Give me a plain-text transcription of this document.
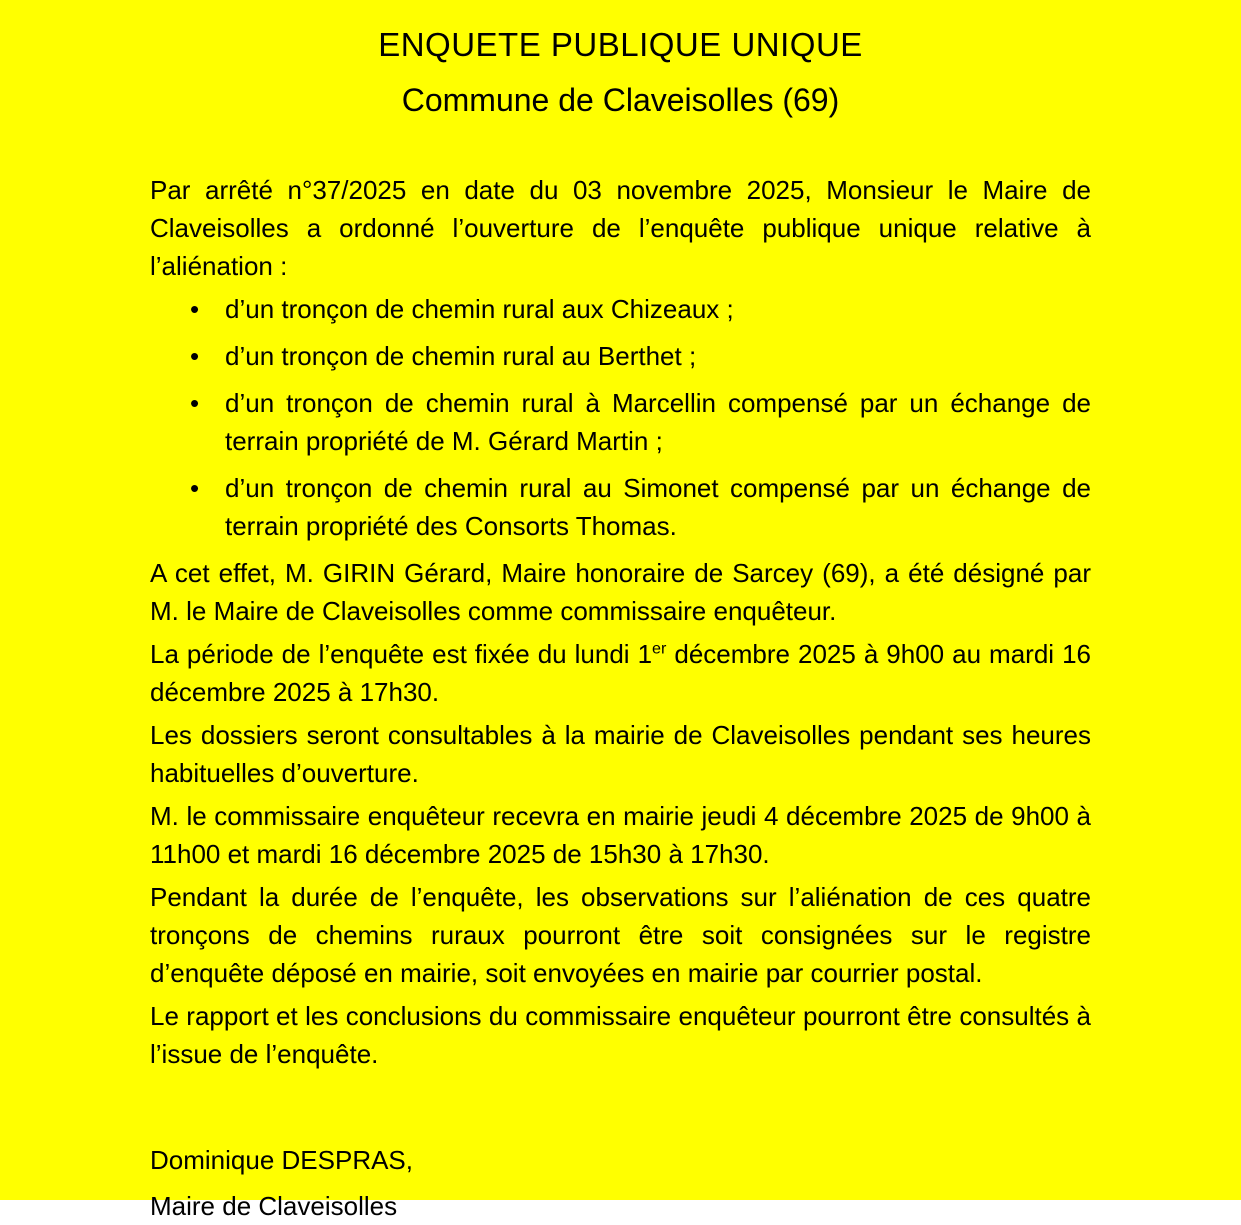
ENQUETE PUBLIQUE UNIQUE
Commune de Claveisolles (69)
Par arrêté n°37/2025 en date du 03 novembre 2025, Monsieur le Maire de Claveisolles a ordonné l’ouverture de l’enquête publique unique relative à l’aliénation :
• d’un tronçon de chemin rural aux Chizeaux ;
• d’un tronçon de chemin rural au Berthet ;
• d’un tronçon de chemin rural à Marcellin compensé par un échange de terrain propriété de M. Gérard Martin ;
• d’un tronçon de chemin rural au Simonet compensé par un échange de terrain propriété des Consorts Thomas.
A cet effet, M. GIRIN Gérard, Maire honoraire de Sarcey (69), a été désigné par M. le Maire de Claveisolles comme commissaire enquêteur.
La période de l’enquête est fixée du lundi 1er décembre 2025 à 9h00 au mardi 16 décembre 2025 à 17h30.
Les dossiers seront consultables à la mairie de Claveisolles pendant ses heures habituelles d’ouverture.
M. le commissaire enquêteur recevra en mairie jeudi 4 décembre 2025 de 9h00 à 11h00 et mardi 16 décembre 2025 de 15h30 à 17h30.
Pendant la durée de l’enquête, les observations sur l’aliénation de ces quatre tronçons de chemins ruraux pourront être soit consignées sur le registre d’enquête déposé en mairie, soit envoyées en mairie par courrier postal.
Le rapport et les conclusions du commissaire enquêteur pourront être consultés à l’issue de l’enquête.
Dominique DESPRAS,
Maire de Claveisolles
